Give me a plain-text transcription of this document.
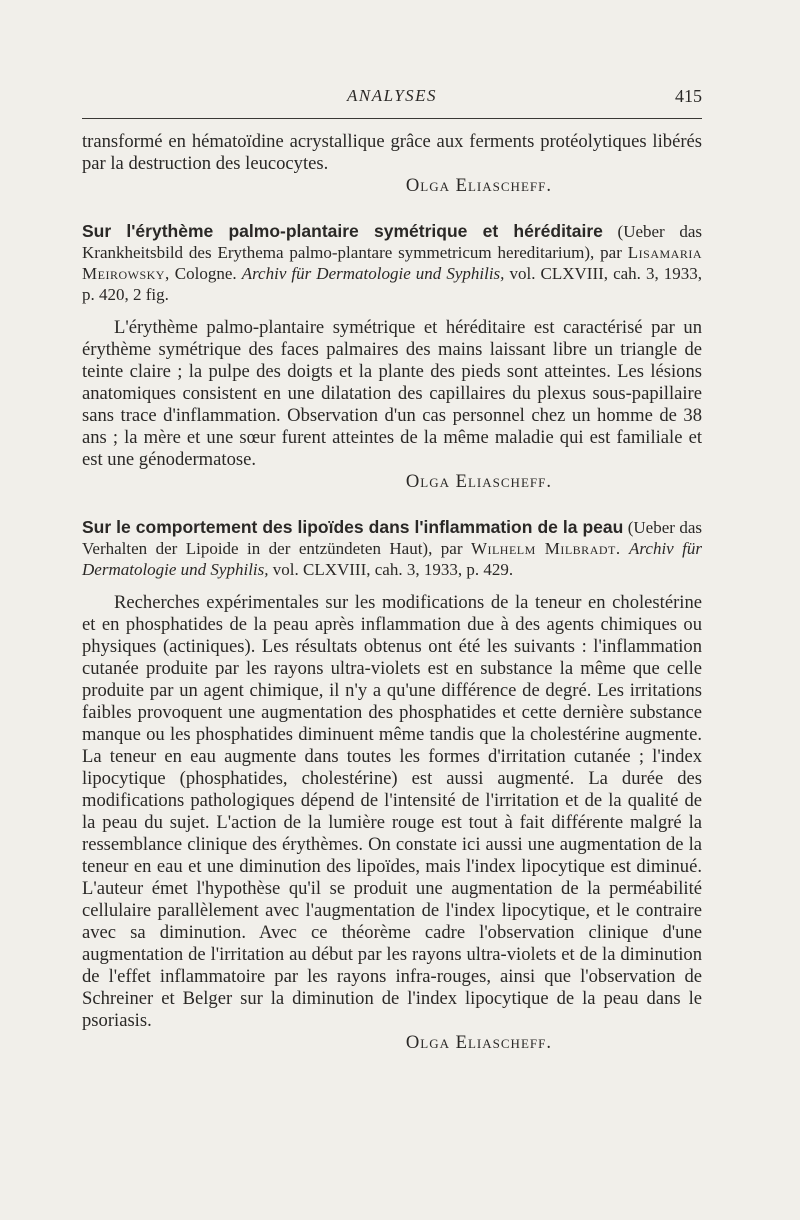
ANALYSES	415

transformé en hématoïdine acrystallique grâce aux ferments protéolytiques libérés par la destruction des leucocytes.

Olga Eliascheff.

Sur l'érythème palmo-plantaire symétrique et héréditaire (Ueber das Krankheitsbild des Erythema palmo-plantare symmetricum hereditarium), par Lisamaria Meirowsky, Cologne. Archiv für Dermatologie und Syphilis, vol. CLXVIII, cah. 3, 1933, p. 420, 2 fig.

L'érythème palmo-plantaire symétrique et héréditaire est caractérisé par un érythème symétrique des faces palmaires des mains laissant libre un triangle de teinte claire ; la pulpe des doigts et la plante des pieds sont atteintes. Les lésions anatomiques consistent en une dilatation des capillaires du plexus sous-papillaire sans trace d'inflammation. Observation d'un cas personnel chez un homme de 38 ans ; la mère et une sœur furent atteintes de la même maladie qui est familiale et est une génodermatose.

Olga Eliascheff.

Sur le comportement des lipoïdes dans l'inflammation de la peau (Ueber das Verhalten der Lipoide in der entzündeten Haut), par Wilhelm Milbradt. Archiv für Dermatologie und Syphilis, vol. CLXVIII, cah. 3, 1933, p. 429.

Recherches expérimentales sur les modifications de la teneur en cholestérine et en phosphatides de la peau après inflammation due à des agents chimiques ou physiques (actiniques). Les résultats obtenus ont été les suivants : l'inflammation cutanée produite par les rayons ultra-violets est en substance la même que celle produite par un agent chimique, il n'y a qu'une différence de degré. Les irritations faibles provoquent une augmentation des phosphatides et cette dernière substance manque ou les phosphatides diminuent même tandis que la cholestérine augmente. La teneur en eau augmente dans toutes les formes d'irritation cutanée ; l'index lipocytique (phosphatides, cholestérine) est aussi augmenté. La durée des modifications pathologiques dépend de l'intensité de l'irritation et de la qualité de la peau du sujet. L'action de la lumière rouge est tout à fait différente malgré la ressemblance clinique des érythèmes. On constate ici aussi une augmentation de la teneur en eau et une diminution des lipoïdes, mais l'index lipocytique est diminué. L'auteur émet l'hypothèse qu'il se produit une augmentation de la perméabilité cellulaire parallèlement avec l'augmentation de l'index lipocytique, et le contraire avec sa diminution. Avec ce théorème cadre l'observation clinique d'une augmentation de l'irritation au début par les rayons ultra-violets et de la diminution de l'effet inflammatoire par les rayons infra-rouges, ainsi que l'observation de Schreiner et Belger sur la diminution de l'index lipocytique de la peau dans le psoriasis.

Olga Eliascheff.
